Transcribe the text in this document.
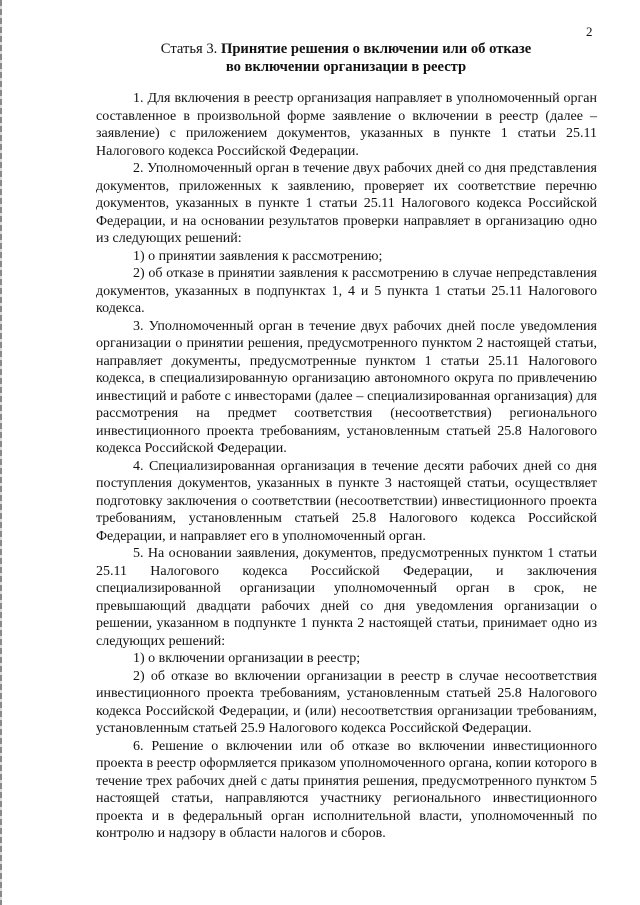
2
Статья 3. Принятие решения о включении или об отказе
во включении организации в реестр

1. Для включения в реестр организация направляет в уполномоченный орган составленное в произвольной форме заявление о включении в реестр (далее – заявление) с приложением документов, указанных в пункте 1 статьи 25.11 Налогового кодекса Российской Федерации.

2. Уполномоченный орган в течение двух рабочих дней со дня представления документов, приложенных к заявлению, проверяет их соответствие перечню документов, указанных в пункте 1 статьи 25.11 Налогового кодекса Российской Федерации, и на основании результатов проверки направляет в организацию одно из следующих решений:

1) о принятии заявления к рассмотрению;

2) об отказе в принятии заявления к рассмотрению в случае непредставления документов, указанных в подпунктах 1, 4 и 5 пункта 1 статьи 25.11 Налогового кодекса.

3. Уполномоченный орган в течение двух рабочих дней после уведомления организации о принятии решения, предусмотренного пунктом 2 настоящей статьи, направляет документы, предусмотренные пунктом 1 статьи 25.11 Налогового кодекса, в специализированную организацию автономного округа по привлечению инвестиций и работе с инвесторами (далее – специализированная организация) для рассмотрения на предмет соответствия (несоответствия) регионального инвестиционного проекта требованиям, установленным статьей 25.8 Налогового кодекса Российской Федерации.

4. Специализированная организация в течение десяти рабочих дней со дня поступления документов, указанных в пункте 3 настоящей статьи, осуществляет подготовку заключения о соответствии (несоответствии) инвестиционного проекта требованиям, установленным статьей 25.8 Налогового кодекса Российской Федерации, и направляет его в уполномоченный орган.

5. На основании заявления, документов, предусмотренных пунктом 1 статьи 25.11 Налогового кодекса Российской Федерации, и заключения специализированной организации уполномоченный орган в срок, не превышающий двадцати рабочих дней со дня уведомления организации о решении, указанном в подпункте 1 пункта 2 настоящей статьи, принимает одно из следующих решений:

1) о включении организации в реестр;

2) об отказе во включении организации в реестр в случае несоответствия инвестиционного проекта требованиям, установленным статьей 25.8 Налогового кодекса Российской Федерации, и (или) несоответствия организации требованиям, установленным статьей 25.9 Налогового кодекса Российской Федерации.

6. Решение о включении или об отказе во включении инвестиционного проекта в реестр оформляется приказом уполномоченного органа, копии которого в течение трех рабочих дней с даты принятия решения, предусмотренного пунктом 5 настоящей статьи, направляются участнику регионального инвестиционного проекта и в федеральный орган исполнительной власти, уполномоченный по контролю и надзору в области налогов и сборов.
